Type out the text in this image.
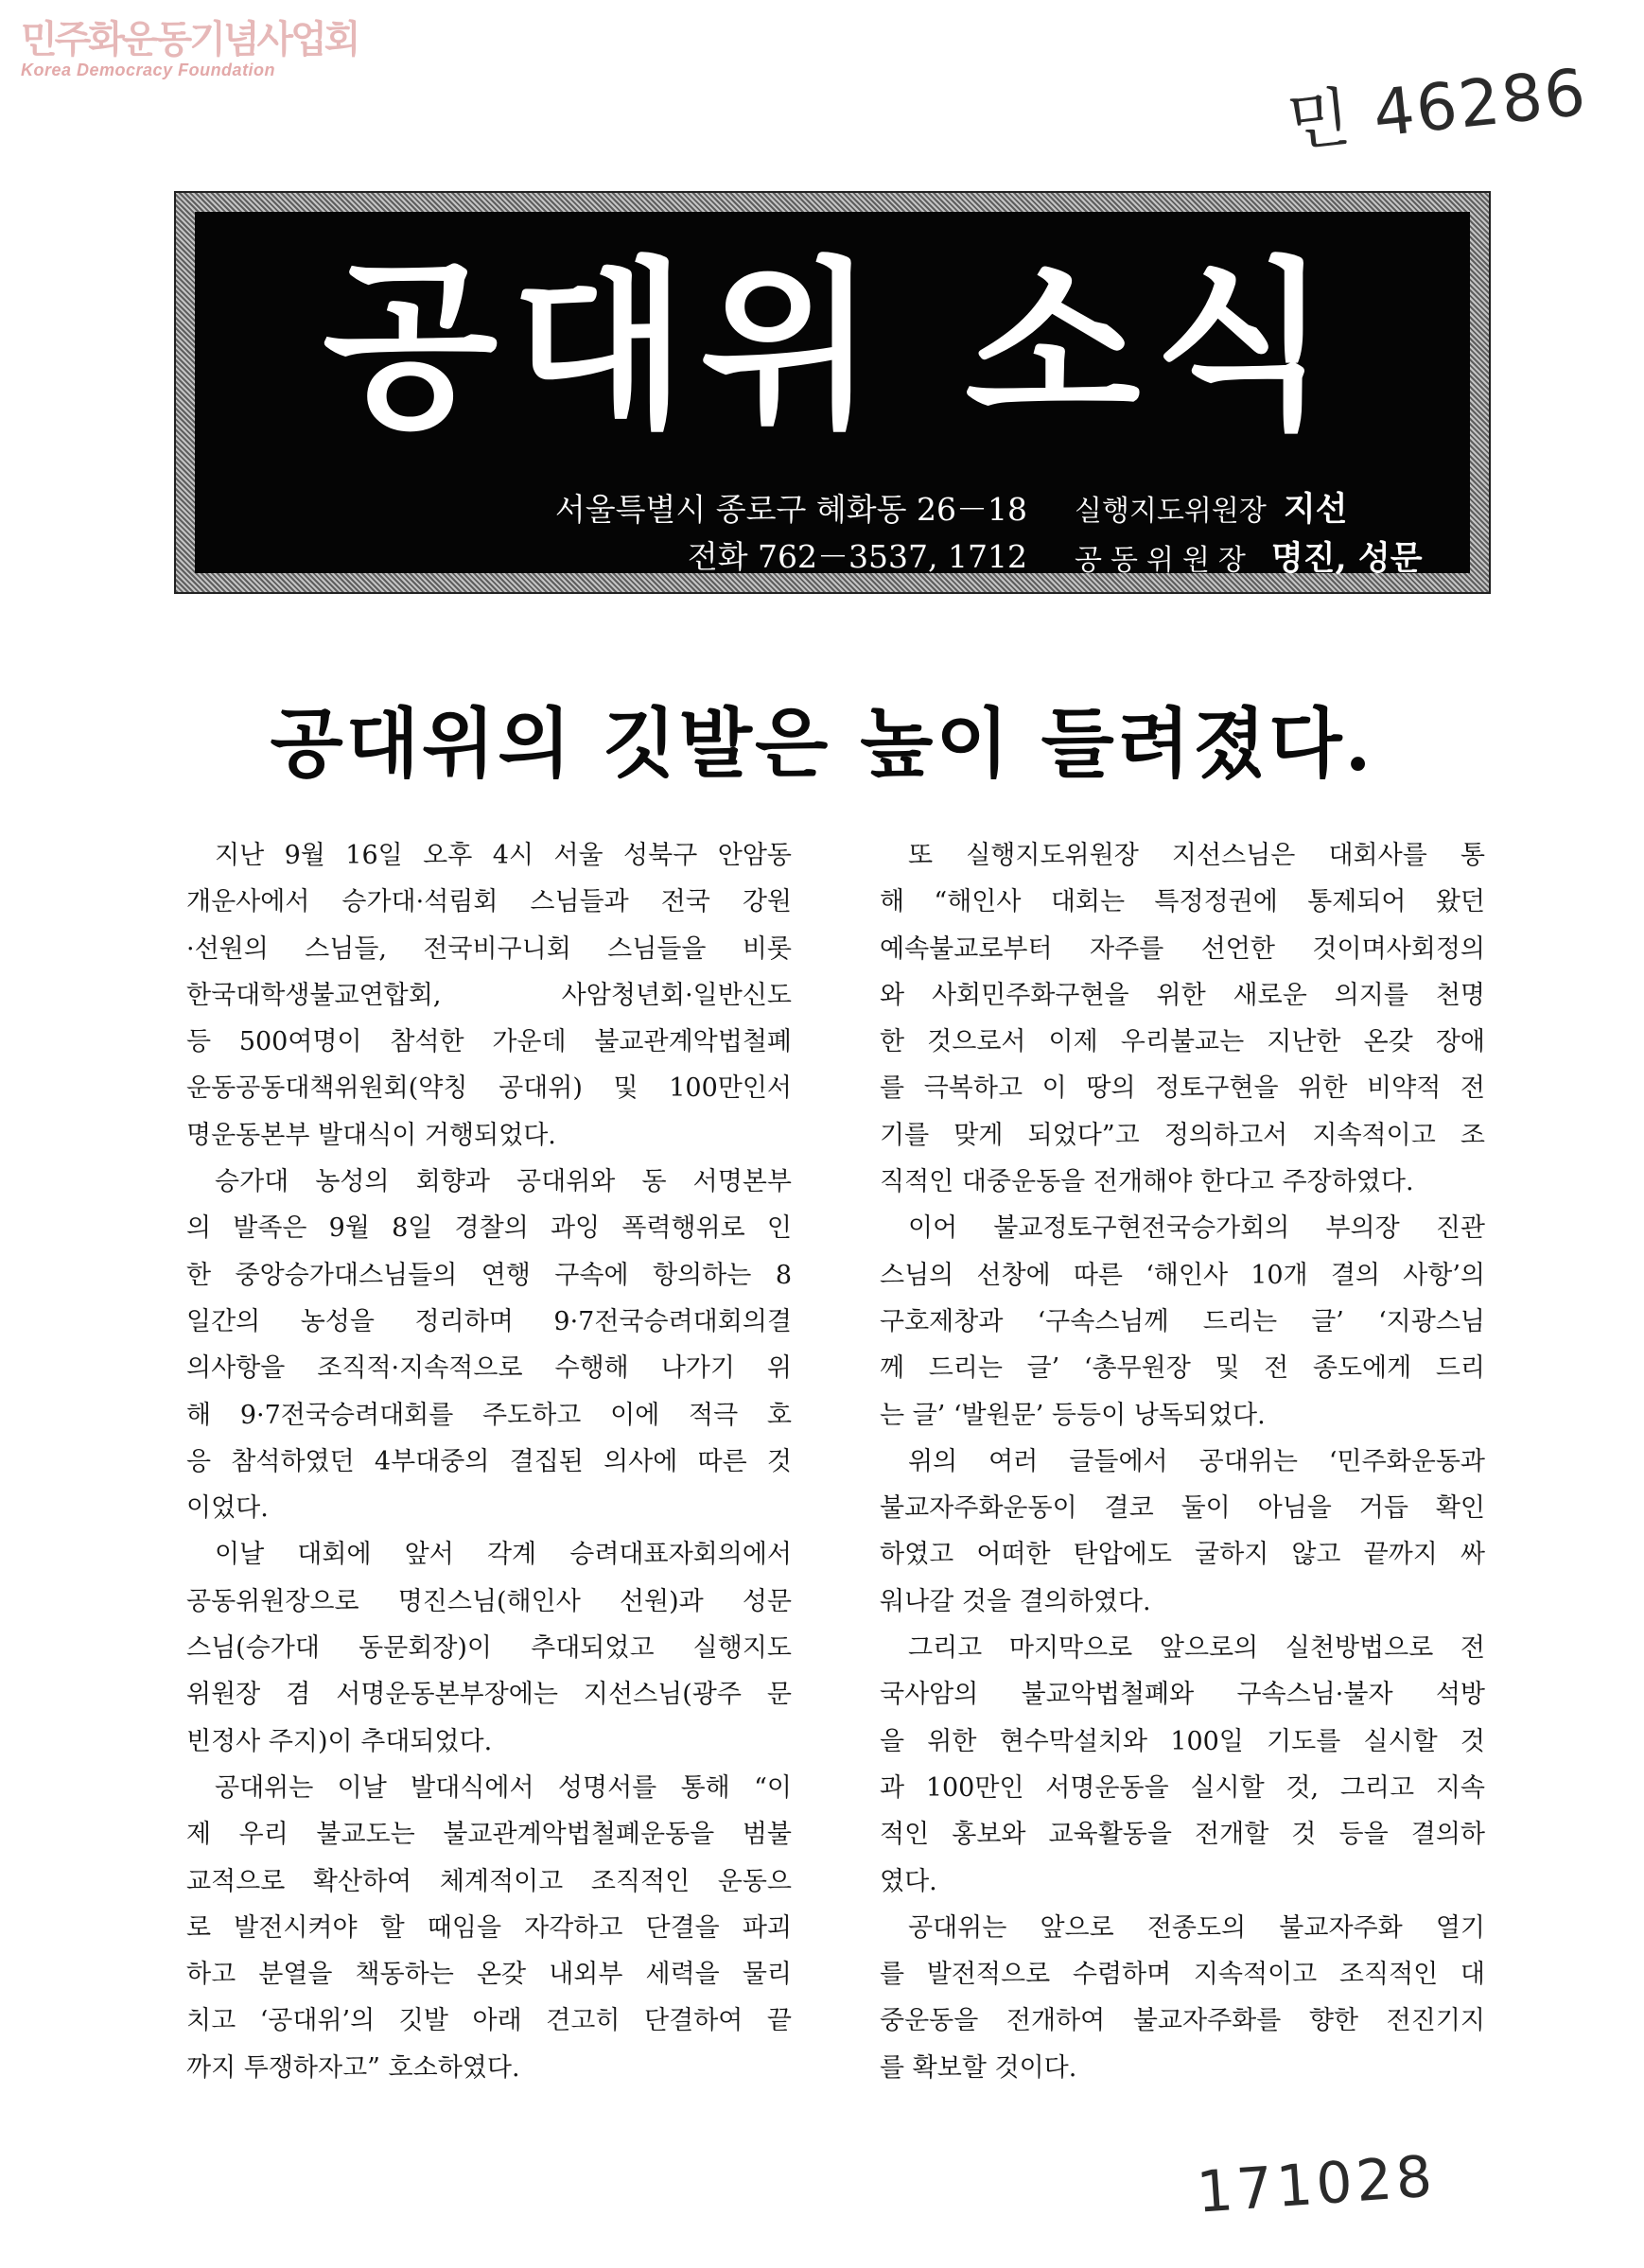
민주화운동기념사업회
Korea Democracy Foundation	민 46286
공대위 소식
서울특별시 종로구 혜화동 26－18
전화 762－3537, 1712
실행지도위원장 지선
공동위원장 명진, 성문
공대위의 깃발은 높이 들려졌다.

지난 9월 16일 오후 4시 서울 성북구 안암동
개운사에서 승가대·석림회 스님들과 전국 강원
·선원의 스님들, 전국비구니회 스님들을 비롯
한국대학생불교연합회, 사암청년회·일반신도
등 500여명이 참석한 가운데 불교관계악법철폐
운동공동대책위원회(약칭 공대위) 및 100만인서
명운동본부 발대식이 거행되었다.

승가대 농성의 회향과 공대위와 동 서명본부
의 발족은 9월 8일 경찰의 과잉 폭력행위로 인
한 중앙승가대스님들의 연행 구속에 항의하는 8
일간의 농성을 정리하며 9·7전국승려대회의결
의사항을 조직적·지속적으로 수행해 나가기 위
해 9·7전국승려대회를 주도하고 이에 적극 호
응 참석하였던 4부대중의 결집된 의사에 따른 것
이었다.

이날 대회에 앞서 각계 승려대표자회의에서
공동위원장으로 명진스님(해인사 선원)과 성문
스님(승가대 동문회장)이 추대되었고 실행지도
위원장 겸 서명운동본부장에는 지선스님(광주 문
빈정사 주지)이 추대되었다.

공대위는 이날 발대식에서 성명서를 통해 “이
제 우리 불교도는 불교관계악법철폐운동을 범불
교적으로 확산하여 체계적이고 조직적인 운동으
로 발전시켜야 할 때임을 자각하고 단결을 파괴
하고 분열을 책동하는 온갖 내외부 세력을 물리
치고 ‘공대위’의 깃발 아래 견고히 단결하여 끝
까지 투쟁하자고” 호소하였다.

또 실행지도위원장 지선스님은 대회사를 통
해 “해인사 대회는 특정정권에 통제되어 왔던
예속불교로부터 자주를 선언한 것이며사회정의
와 사회민주화구현을 위한 새로운 의지를 천명
한 것으로서 이제 우리불교는 지난한 온갖 장애
를 극복하고 이 땅의 정토구현을 위한 비약적 전
기를 맞게 되었다”고 정의하고서 지속적이고 조
직적인 대중운동을 전개해야 한다고 주장하였다.

이어 불교정토구현전국승가회의 부의장 진관
스님의 선창에 따른 ‘해인사 10개 결의 사항’의
구호제창과 ‘구속스님께 드리는 글’ ‘지광스님
께 드리는 글’ ‘총무원장 및 전 종도에게 드리
는 글’ ‘발원문’ 등등이 낭독되었다.

위의 여러 글들에서 공대위는 ‘민주화운동과
불교자주화운동이 결코 둘이 아님을 거듭 확인
하였고 어떠한 탄압에도 굴하지 않고 끝까지 싸
워나갈 것을 결의하였다.

그리고 마지막으로 앞으로의 실천방법으로 전
국사암의 불교악법철폐와 구속스님·불자 석방
을 위한 현수막설치와 100일 기도를 실시할 것
과 100만인 서명운동을 실시할 것, 그리고 지속
적인 홍보와 교육활동을 전개할 것 등을 결의하
였다.

공대위는 앞으로 전종도의 불교자주화 열기
를 발전적으로 수렴하며 지속적이고 조직적인 대
중운동을 전개하여 불교자주화를 향한 전진기지
를 확보할 것이다.

171028
